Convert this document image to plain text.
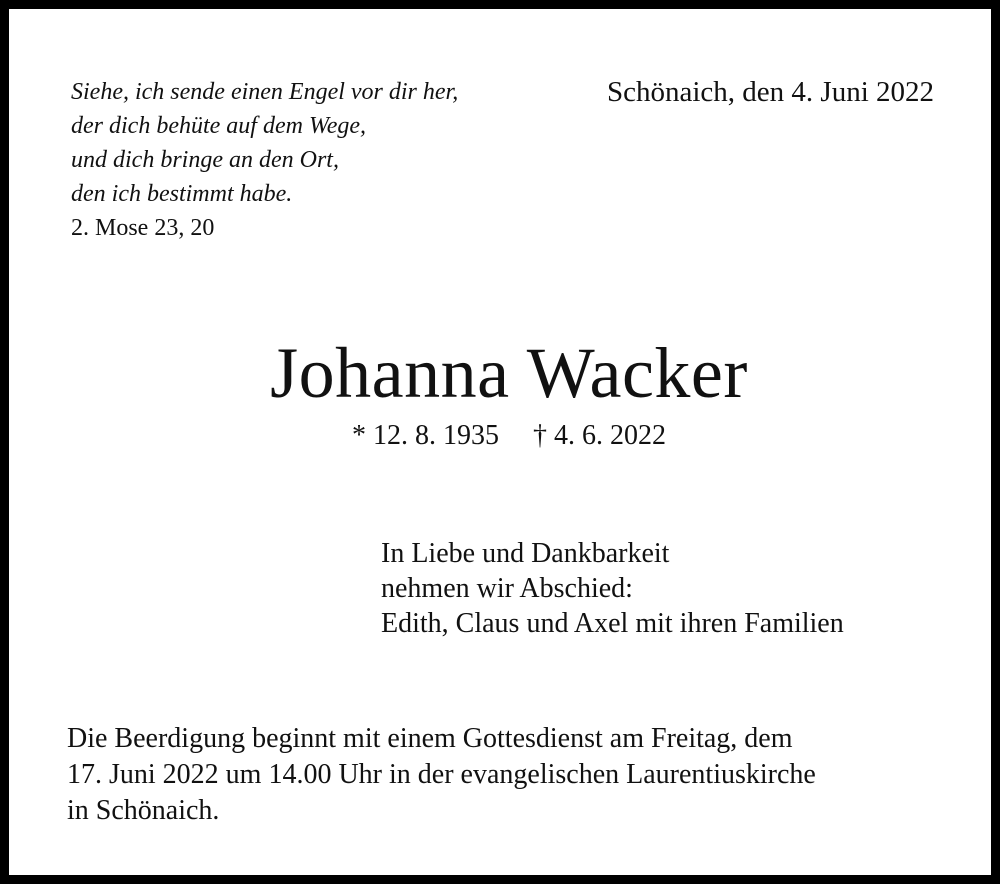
Siehe, ich sende einen Engel vor dir her,
der dich behüte auf dem Wege,
und dich bringe an den Ort,
den ich bestimmt habe.
2. Mose 23, 20
Schönaich, den 4. Juni 2022
Johanna Wacker
* 12. 8. 1935 † 4. 6. 2022
In Liebe und Dankbarkeit
nehmen wir Abschied:
Edith, Claus und Axel mit ihren Familien
Die Beerdigung beginnt mit einem Gottesdienst am Freitag, dem
17. Juni 2022 um 14.00 Uhr in der evangelischen Laurentiuskirche
in Schönaich.
